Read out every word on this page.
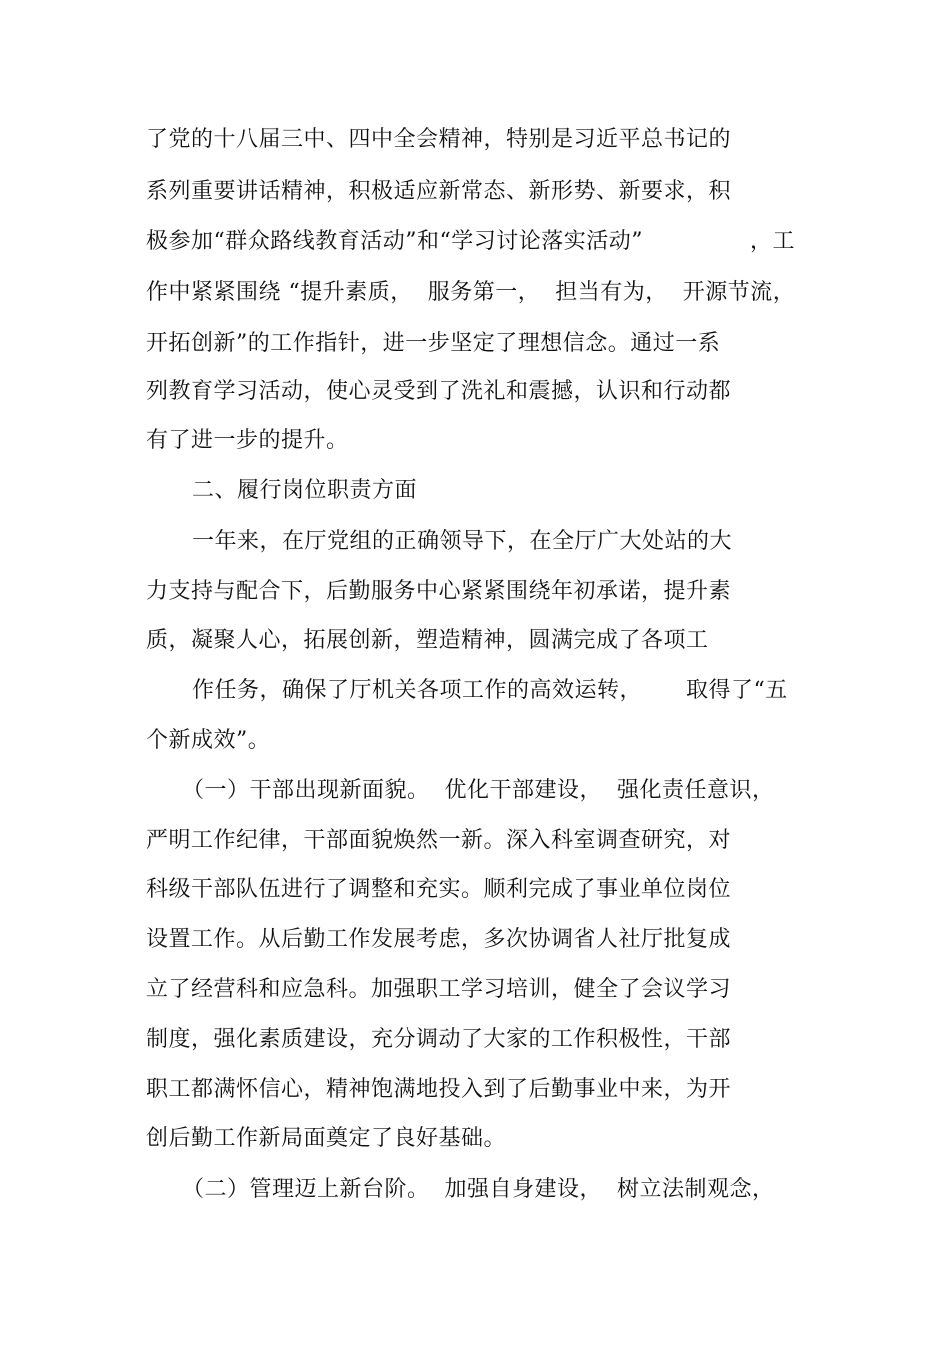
了党的十八届三中、四中全会精神，特别是习近平总书记的
系列重要讲话精神，积极适应新常态、新形势、新要求，积
极参加“群众路线教育活动”和“学习讨论落实活动”	，工
作中紧紧围绕 “提升素质，  服务第一，  担当有为，  开源节流，
开拓创新”的工作指针，进一步坚定了理想信念。通过一系
列教育学习活动，使心灵受到了洗礼和震撼，认识和行动都
有了进一步的提升。
二、履行岗位职责方面
一年来，在厅党组的正确领导下，在全厅广大处站的大
力支持与配合下，后勤服务中心紧紧围绕年初承诺，提升素
质，凝聚人心，拓展创新，塑造精神，圆满完成了各项工
作任务，确保了厅机关各项工作的高效运转， 取得了“五
个新成效”。
（一）干部出现新面貌。  优化干部建设，  强化责任意识，
严明工作纪律，干部面貌焕然一新。深入科室调查研究，对
科级干部队伍进行了调整和充实。顺利完成了事业单位岗位
设置工作。从后勤工作发展考虑，多次协调省人社厅批复成
立了经营科和应急科。加强职工学习培训，健全了会议学习
制度，强化素质建设，充分调动了大家的工作积极性，干部
职工都满怀信心，精神饱满地投入到了后勤事业中来，为开
创后勤工作新局面奠定了良好基础。
（二）管理迈上新台阶。  加强自身建设，  树立法制观念，
